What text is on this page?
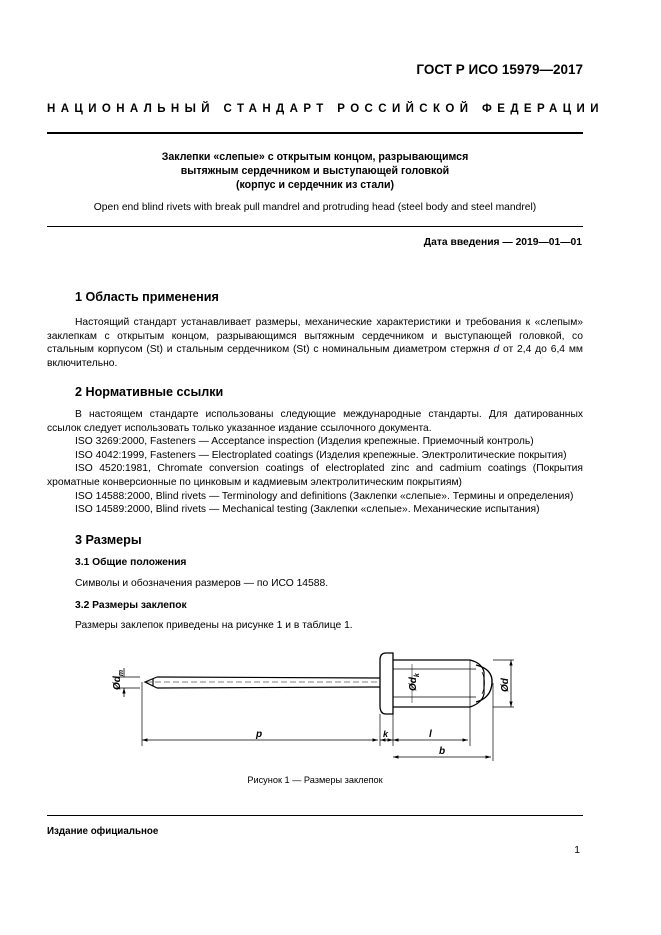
ГОСТ Р ИСО 15979—2017
НАЦИОНАЛЬНЫЙ СТАНДАРТ РОССИЙСКОЙ ФЕДЕРАЦИИ
Заклепки «слепые» с открытым концом, разрывающимся
вытяжным сердечником и выступающей головкой
(корпус и сердечник из стали)
Open end blind rivets with break pull mandrel and protruding head (steel body and steel mandrel)
Дата введения — 2019—01—01
1 Область применения
Настоящий стандарт устанавливает размеры, механические характеристики и требования к «слепым» заклепкам с открытым концом, разрывающимся вытяжным сердечником и выступающей головкой, со стальным корпусом (St) и стальным сердечником (St) с номинальным диаметром стержня d от 2,4 до 6,4 мм включительно.
2 Нормативные ссылки
В настоящем стандарте использованы следующие международные стандарты. Для датированных ссылок следует использовать только указанное издание ссылочного документа.
ISO 3269:2000, Fasteners — Acceptance inspection (Изделия крепежные. Приемочный контроль)
ISO 4042:1999, Fasteners — Electroplated coatings (Изделия крепежные. Электролитические покрытия)
ISO 4520:1981, Chromate conversion coatings of electroplated zinc and cadmium coatings (Покрытия хроматные конверсионные по цинковым и кадмиевым электролитическим покрытиям)
ISO 14588:2000, Blind rivets — Terminology and definitions (Заклепки «слепые». Термины и определения)
ISO 14589:2000, Blind rivets — Mechanical testing (Заклепки «слепые». Механические испытания)
3 Размеры
3.1 Общие положения
Символы и обозначения размеров — по ИСО 14588.
3.2 Размеры заклепок
Размеры заклепок приведены на рисунке 1 и в таблице 1.
$Ød_m$
$Ød_k$
Ød
p	k	l
b
Рисунок 1 — Размеры заклепок
Издание официальное
1
